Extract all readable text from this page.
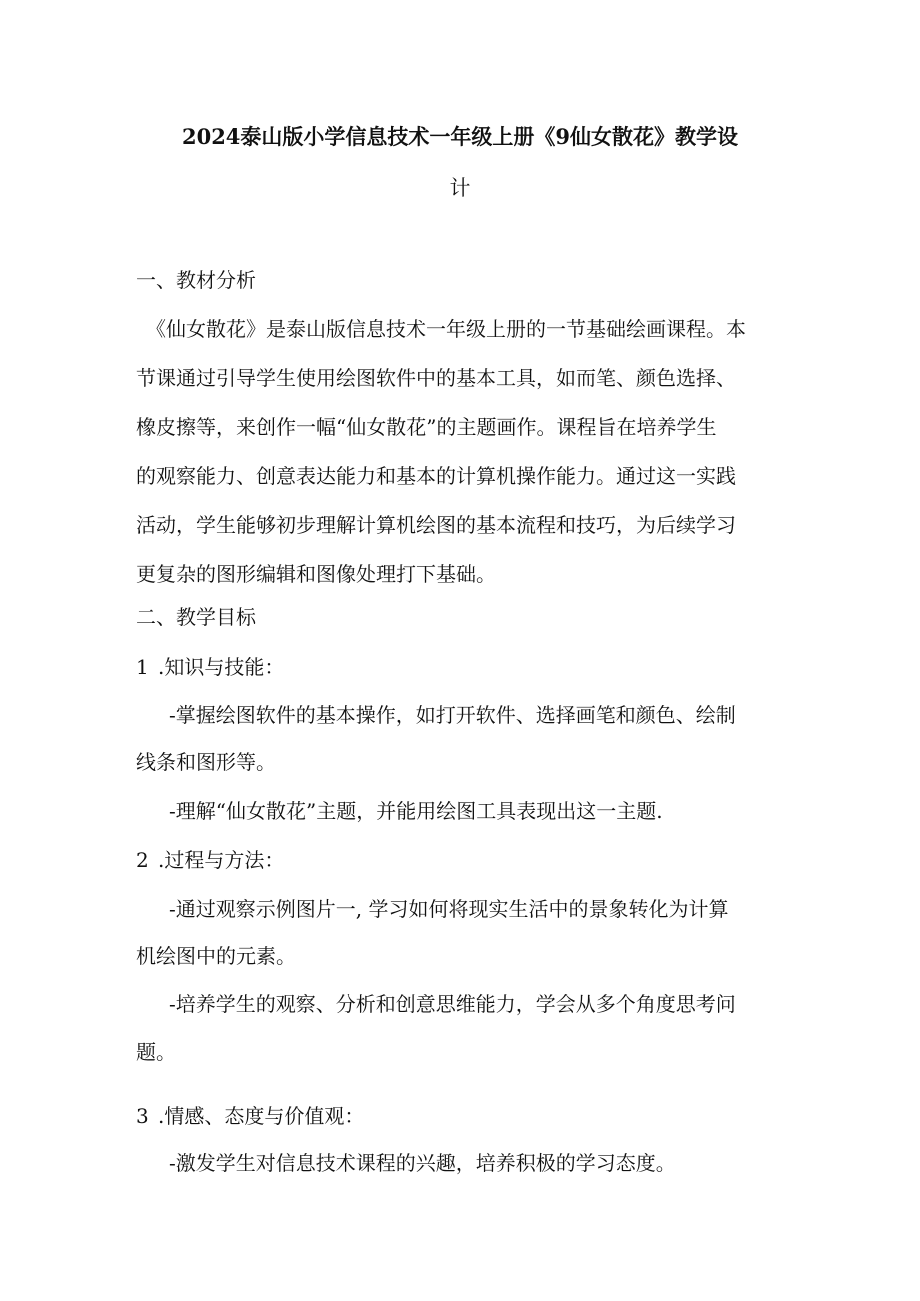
2024泰山版小学信息技术一年级上册《9仙女散花》教学设
计
一、教材分析
《仙女散花》是泰山版信息技术一年级上册的一节基础绘画课程。本
节课通过引导学生使用绘图软件中的基本工具，如而笔、颜色选择、
橡皮擦等，来创作一幅“仙女散花”的主题画作。课程旨在培养学生
的观察能力、创意表达能力和基本的计算机操作能力。通过这一实践
活动，学生能够初步理解计算机绘图的基本流程和技巧，为后续学习
更复杂的图形编辑和图像处理打下基础。
二、教学目标
1 .知识与技能：
-掌握绘图软件的基本操作，如打开软件、选择画笔和颜色、绘制
线条和图形等。
-理解“仙女散花”主题，并能用绘图工具表现出这一主题.
2 .过程与方法：
-通过观察示例图片一, 学习如何将现实生活中的景象转化为计算
机绘图中的元素。
-培养学生的观察、分析和创意思维能力，学会从多个角度思考问
题。
3 .情感、态度与价值观：
-激发学生对信息技术课程的兴趣，培养积极的学习态度。
